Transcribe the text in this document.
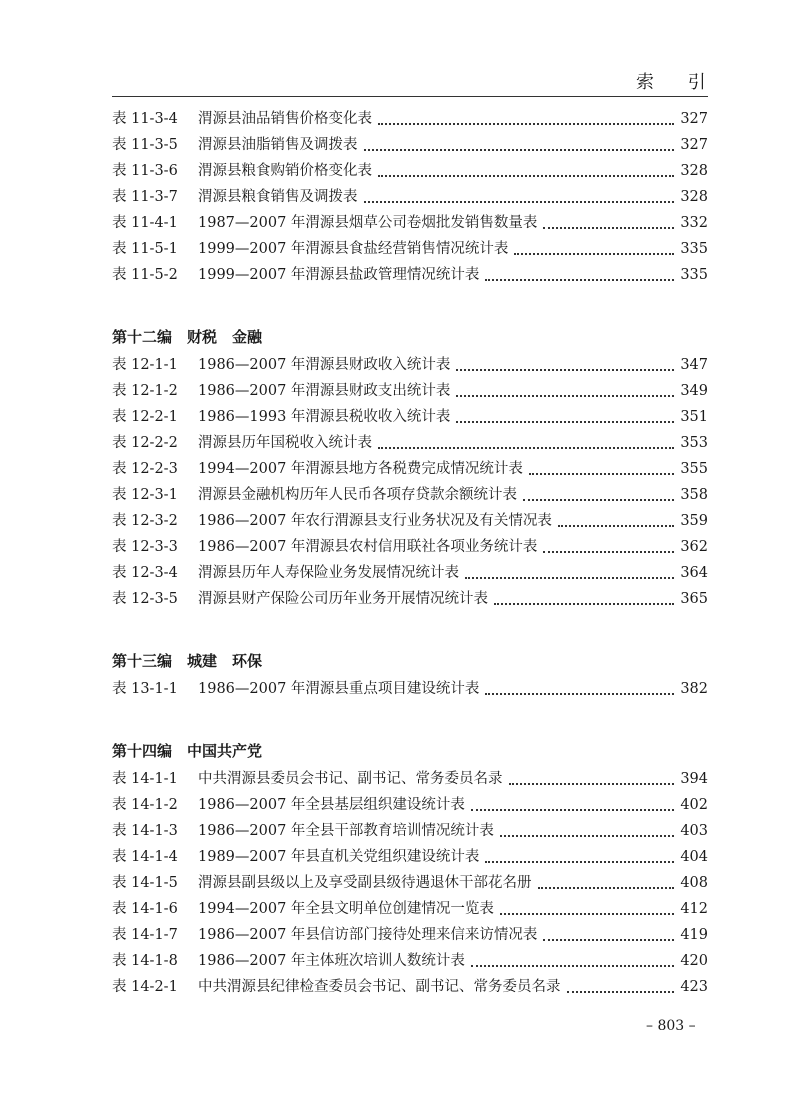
索 引
表 11-3-4	渭源县油品销售价格变化表	327
表 11-3-5	渭源县油脂销售及调拨表	327
表 11-3-6	渭源县粮食购销价格变化表	328
表 11-3-7	渭源县粮食销售及调拨表	328
表 11-4-1	1987—2007 年渭源县烟草公司卷烟批发销售数量表	332
表 11-5-1	1999—2007 年渭源县食盐经营销售情况统计表	335
表 11-5-2	1999—2007 年渭源县盐政管理情况统计表	335
第十二编　财税　金融
表 12-1-1	1986—2007 年渭源县财政收入统计表	347
表 12-1-2	1986—2007 年渭源县财政支出统计表	349
表 12-2-1	1986—1993 年渭源县税收收入统计表	351
表 12-2-2	渭源县历年国税收入统计表	353
表 12-2-3	1994—2007 年渭源县地方各税费完成情况统计表	355
表 12-3-1	渭源县金融机构历年人民币各项存贷款余额统计表	358
表 12-3-2	1986—2007 年农行渭源县支行业务状况及有关情况表	359
表 12-3-3	1986—2007 年渭源县农村信用联社各项业务统计表	362
表 12-3-4	渭源县历年人寿保险业务发展情况统计表	364
表 12-3-5	渭源县财产保险公司历年业务开展情况统计表	365
第十三编　城建　环保
表 13-1-1	1986—2007 年渭源县重点项目建设统计表	382
第十四编　中国共产党
表 14-1-1	中共渭源县委员会书记、副书记、常务委员名录	394
表 14-1-2	1986—2007 年全县基层组织建设统计表	402
表 14-1-3	1986—2007 年全县干部教育培训情况统计表	403
表 14-1-4	1989—2007 年县直机关党组织建设统计表	404
表 14-1-5	渭源县副县级以上及享受副县级待遇退休干部花名册	408
表 14-1-6	1994—2007 年全县文明单位创建情况一览表	412
表 14-1-7	1986—2007 年县信访部门接待处理来信来访情况表	419
表 14-1-8	1986—2007 年主体班次培训人数统计表	420
表 14-2-1	中共渭源县纪律检查委员会书记、副书记、常务委员名录	423
– 803 –
